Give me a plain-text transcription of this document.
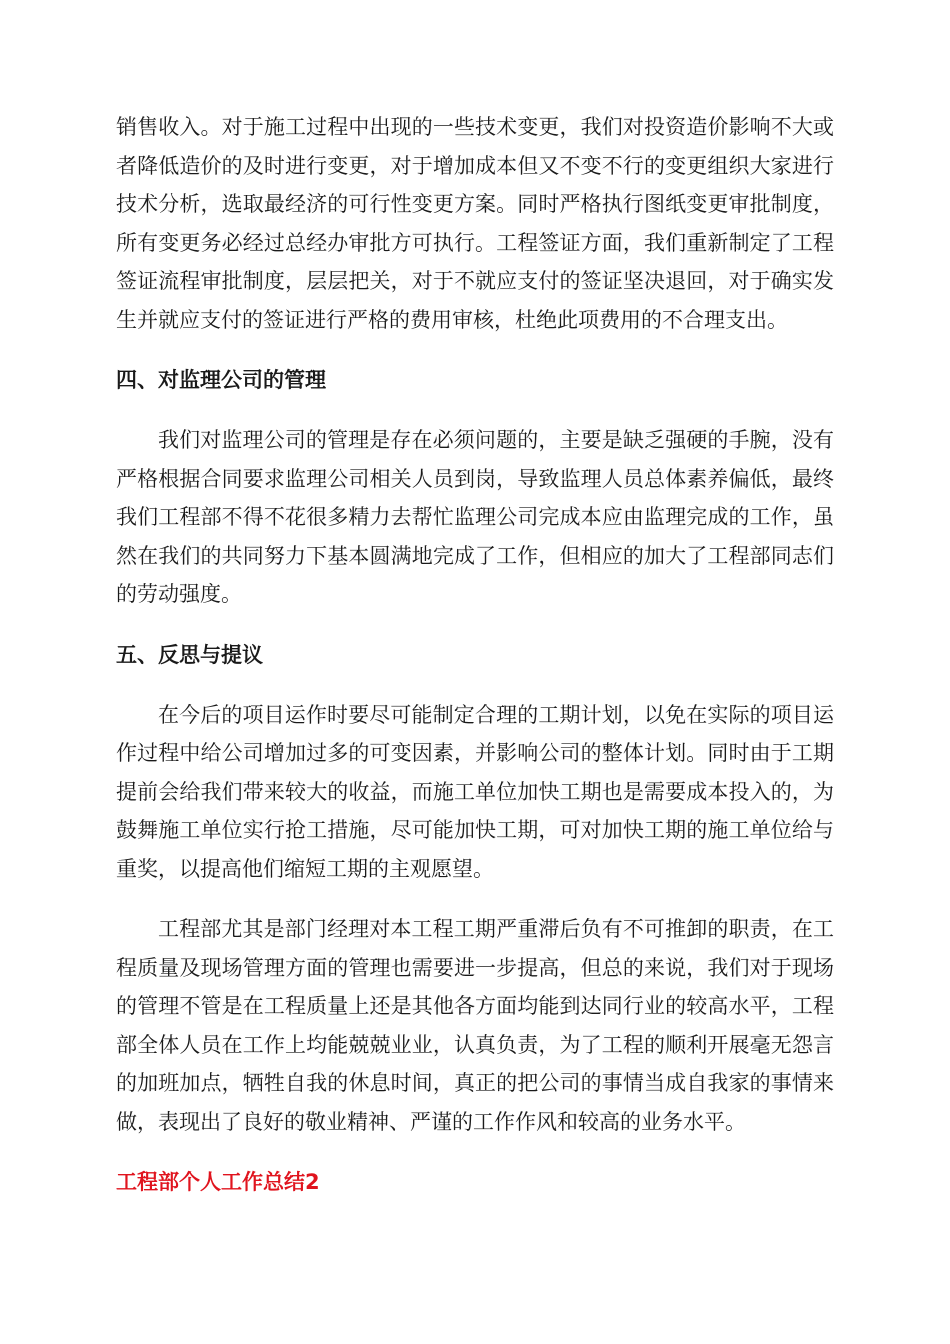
销售收入。对于施工过程中出现的一些技术变更，我们对投资造价影响不大或者降低造价的及时进行变更，对于增加成本但又不变不行的变更组织大家进行技术分析，选取最经济的可行性变更方案。同时严格执行图纸变更审批制度，所有变更务必经过总经办审批方可执行。工程签证方面，我们重新制定了工程签证流程审批制度，层层把关，对于不就应支付的签证坚决退回，对于确实发生并就应支付的签证进行严格的费用审核，杜绝此项费用的不合理支出。

四、对监理公司的管理

我们对监理公司的管理是存在必须问题的，主要是缺乏强硬的手腕，没有严格根据合同要求监理公司相关人员到岗，导致监理人员总体素养偏低，最终我们工程部不得不花很多精力去帮忙监理公司完成本应由监理完成的工作，虽然在我们的共同努力下基本圆满地完成了工作，但相应的加大了工程部同志们的劳动强度。

五、反思与提议

在今后的项目运作时要尽可能制定合理的工期计划，以免在实际的项目运作过程中给公司增加过多的可变因素，并影响公司的整体计划。同时由于工期提前会给我们带来较大的收益，而施工单位加快工期也是需要成本投入的，为鼓舞施工单位实行抢工措施，尽可能加快工期，可对加快工期的施工单位给与重奖，以提高他们缩短工期的主观愿望。

工程部尤其是部门经理对本工程工期严重滞后负有不可推卸的职责，在工程质量及现场管理方面的管理也需要进一步提高，但总的来说，我们对于现场的管理不管是在工程质量上还是其他各方面均能到达同行业的较高水平，工程部全体人员在工作上均能兢兢业业，认真负责，为了工程的顺利开展毫无怨言的加班加点，牺牲自我的休息时间，真正的把公司的事情当成自我家的事情来做，表现出了良好的敬业精神、严谨的工作作风和较高的业务水平。

工程部个人工作总结2
